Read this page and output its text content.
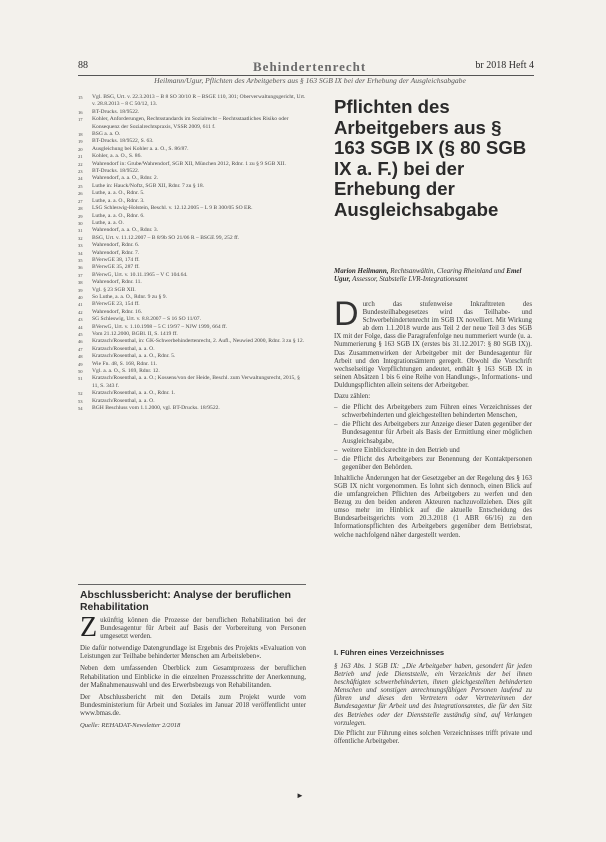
88	Behindertenrecht	br 2018 Heft 4
Heilmann/Ugur, Pflichten des Arbeitgebers aus § 163 SGB IX bei der Erhebung der Ausgleichsabgabe
15 Vgl. BSG, Urt. v. 22.3.2013 – B 8 SO 30/10 R – BSGE 110, 301; Oberverwaltungsgericht, Urt. v. 28.8.2013 – 8 C 50/12, 13.
16 BT-Drucks. 18/9522.
17 Kohler, Anforderungen, Rechtsstandards im Sozialrecht – Rechtsstaatliches Risiko oder Konsequenz der Sozialrechtspraxis, VSSR 2009, 611 f.
18 BSG a. a. O.
19 BT-Drucks. 18/9522, S. 63.
20 Ausgleichung bei Kohler a. a. O., S. 86/87.
21 Kohler, a. a. O., S. 86.
22 Wahrendorf in: Grube/Wahrendorf, SGB XII, München 2012, Rdnr. 1 zu § 9 SGB XII.
23 BT-Drucks. 18/9522.
24 Wahrendorf, a. a. O., Rdnr. 2.
25 Luthe in: Hauck/Noftz, SGB XII, Rdnr. 7 zu § 18.
26 Luthe, a. a. O., Rdnr. 5.
27 Luthe, a. a. O., Rdnr. 3.
28 LSG Schleswig-Holstein, Beschl. v. 12.12.2005 – L 9 B 300/05 SO ER.
29 Luthe, a. a. O., Rdnr. 6.
30 Luthe, a. a. O.
31 Wahrendorf, a. a. O., Rdnr. 3.
32 BSG, Urt. v. 11.12.2007 – B 8/9b SO 21/06 R – BSGE 99, 252 ff.
33 Wahrendorf, Rdnr. 6.
34 Wahrendorf, Rdnr. 7.
35 BVerwGE 38, 174 ff.
36 BVerwGE 35, 287 ff.
37 BVerwG, Urt. v. 10.11.1965 – V C 104.64.
38 Wahrendorf, Rdnr. 11.
39 Vgl. § 23 SGB XII.
40 So Luthe, a. a. O., Rdnr. 9 zu § 9.
41 BVerwGE 23, 154 ff.
42 Wahrendorf, Rdnr. 16.
43 SG Schleswig, Urt. v. 8.8.2007 – S 16 SO 11/07.
44 BVerwG, Urt. v. 1.10.1998 – 5 C 19/97 – NJW 1999, 664 ff.
45 Vom 21.12.2000, BGBl. II, S. 1419 ff.
46 Kratzsch/Rosenthal, in: GK-Schwerbehindertenrecht, 2. Aufl., Neuwied 2000, Rdnr. 3 zu § 12.
47 Kratzsch/Rosenthal, a. a. O.
48 Kratzsch/Rosenthal, a. a. O., Rdnr. 5.
49 Wie Fn. 48, S. 168, Rdnr. 11.
50 Vgl. a. a. O., S. 169, Rdnr. 12.
51 Kratzsch/Rosenthal, a. a. O.; Kossens/von der Heide, Beschl. zum Verwaltungsrecht, 2015, § 11, S. 343 f.
52 Kratzsch/Rosenthal, a. a. O., Rdnr. 1.
53 Kratzsch/Rosenthal, a. a. O.
54 BGH Beschluss vom 1.1.2000, vgl. BT-Drucks. 18/9522.
Abschlussbericht: Analyse der beruflichen Rehabilitation

Zukünftig können die Prozesse der beruflichen Rehabilitation bei der Bundesagentur für Arbeit auf Basis der Vorbereitung von Personen umgesetzt werden.

Die dafür notwendige Datengrundlage ist Ergebnis des Projekts »Evaluation von Leistungen zur Teilhabe behinderter Menschen am Arbeitsleben«.

Neben dem umfassenden Überblick zum Gesamtprozess der beruflichen Rehabilitation und Einblicke in die einzelnen Prozessschritte der Anerkennung, der Maßnahmenauswahl und des Erwerbsbezugs von Rehabilitanden.

Der Abschlussbericht mit den Details zum Projekt wurde vom Bundesministerium für Arbeit und Soziales im Januar 2018 veröffentlicht unter www.bmas.de.

Quelle: REHADAT-Newsletter 2/2018

►
Pflichten des Arbeitgebers aus § 163 SGB IX (§ 80 SGB IX a. F.) bei der Erhebung der Ausgleichsabgabe
Marion Heilmann, Rechtsanwältin, Clearing Rheinland und Emel Ugur, Assessor, Stabstelle LVR-Integrationsamt

Durch das stufenweise Inkrafttreten des Bundesteilhabegesetzes wird das Teilhabe- und Schwerbehindertenrecht im SGB IX novelliert. Mit Wirkung ab dem 1.1.2018 wurde aus Teil 2 der neue Teil 3 des SGB IX mit der Folge, dass die Paragrafenfolge neu nummeriert wurde (u. a. Nummerierung § 163 SGB IX (erstes bis 31.12.2017: § 80 SGB IX)). Das Zusammenwirken der Arbeitgeber mit der Bundesagentur für Arbeit und den Integrationsämtern geregelt. Obwohl die Vorschrift wechselseitige Verpflichtungen andeutet, enthält § 163 SGB IX in seinen Absätzen 1 bis 6 eine Reihe von Handlungs-, Informations- und Duldungspflichten allein seitens der Arbeitgeber.

Dazu zählen:

– die Pflicht des Arbeitgebers zum Führen eines Verzeichnisses der schwerbehinderten und gleichgestellten behinderten Menschen,
– die Pflicht des Arbeitgebers zur Anzeige dieser Daten gegenüber der Bundesagentur für Arbeit als Basis der Ermittlung einer möglichen Ausgleichsabgabe,
– weitere Einblicksrechte in den Betrieb und
– die Pflicht des Arbeitgebers zur Benennung der Kontaktpersonen gegenüber den Behörden.

Inhaltliche Änderungen hat der Gesetzgeber an der Regelung des § 163 SGB IX nicht vorgenommen. Es lohnt sich dennoch, einen Blick auf die umfangreichen Pflichten des Arbeitgebers zu werfen und den Bezug zu den beiden anderen Akteuren nachzuvollziehen. Dies gilt umso mehr im Hinblick auf die aktuelle Entscheidung des Bundesarbeitsgerichts vom 20.3.2018 (1 ABR 66/16) zu den Informationspflichten des Arbeitgebers gegenüber dem Betriebsrat, welche nachfolgend näher dargestellt werden.

I. Führen eines Verzeichnisses

§ 163 Abs. 1 SGB IX: „Die Arbeitgeber haben, gesondert für jeden Betrieb und jede Dienststelle, ein Verzeichnis der bei ihnen beschäftigten schwerbehinderten, ihnen gleichgestellten behinderten Menschen und sonstigen anrechnungsfähigen Personen laufend zu führen und dieses den Vertretern oder Vertreterinnen der Bundesagentur für Arbeit und des Integrationsamtes, die für den Sitz des Betriebes oder der Dienststelle zuständig sind, auf Verlangen vorzulegen.

Die Pflicht zur Führung eines solchen Verzeichnisses trifft private und öffentliche Arbeitgeber.
